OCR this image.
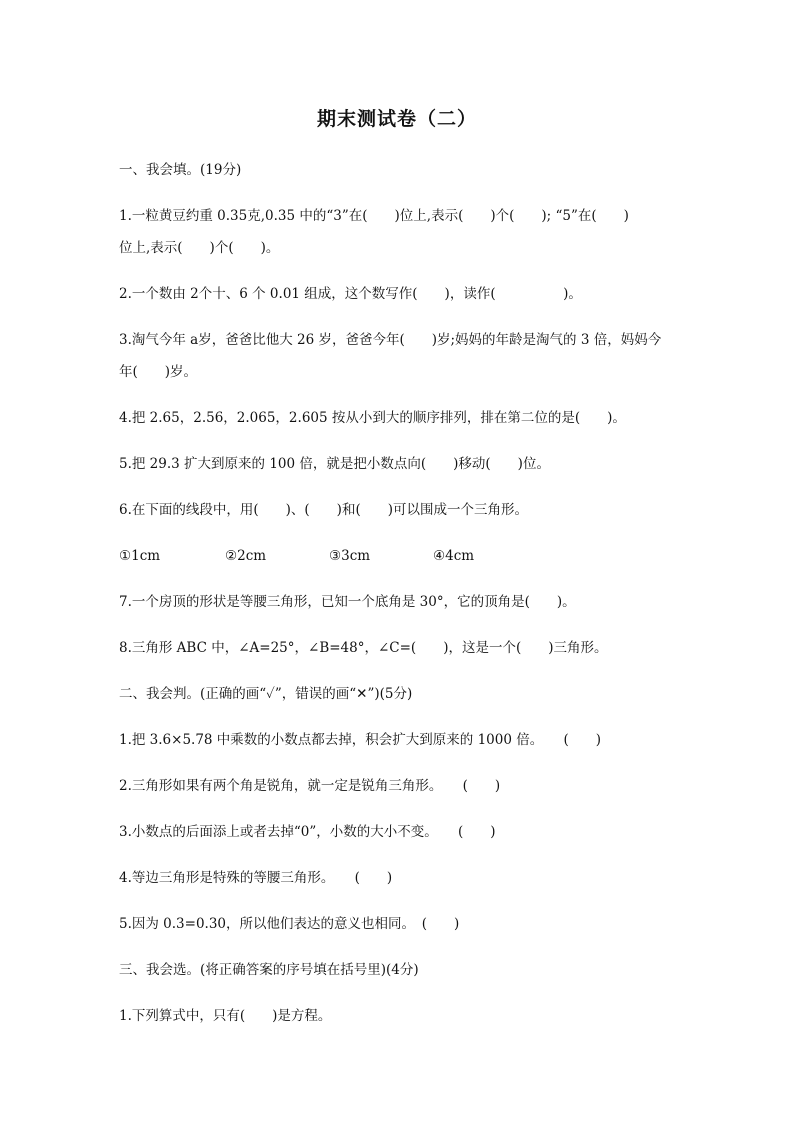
期末测试卷（二）
一、我会填。(19分)
1.一粒黄豆约重 0.35克,0.35 中的“3”在(　　)位上,表示(　　)个(　　); “5”在(　　)
位上,表示(　　)个(　　)。
2.一个数由 2个十、6 个 0.01 组成，这个数写作(　　)，读作(　　　　　)。
3.淘气今年 a岁，爸爸比他大 26 岁，爸爸今年(　　)岁;妈妈的年龄是淘气的 3 倍，妈妈今
年(　　)岁。
4.把 2.65，2.56，2.065，2.605 按从小到大的顺序排列，排在第二位的是(　　)。
5.把 29.3 扩大到原来的 100 倍，就是把小数点向(　　)移动(　　)位。
6.在下面的线段中，用(　　)、(　　)和(　　)可以围成一个三角形。
①1cm	②2cm	③3cm	④4cm
7.一个房顶的形状是等腰三角形，已知一个底角是 30°，它的顶角是(　　)。
8.三角形 ABC 中，∠A=25°，∠B=48°，∠C=(　　)，这是一个(　　)三角形。
二、我会判。(正确的画“✓”，错误的画“✕”)(5分)
1.把 3.6×5.78 中乘数的小数点都去掉，积会扩大到原来的 1000 倍。　　(　　)
2.三角形如果有两个角是锐角，就一定是锐角三角形。　　(　　)
3.小数点的后面添上或者去掉“0”，小数的大小不变。　　(　　)
4.等边三角形是特殊的等腰三角形。　　(　　)
5.因为 0.3=0.30，所以他们表达的意义也相同。　(　　)
三、我会选。(将正确答案的序号填在括号里)(4分)
1.下列算式中，只有(　　)是方程。
